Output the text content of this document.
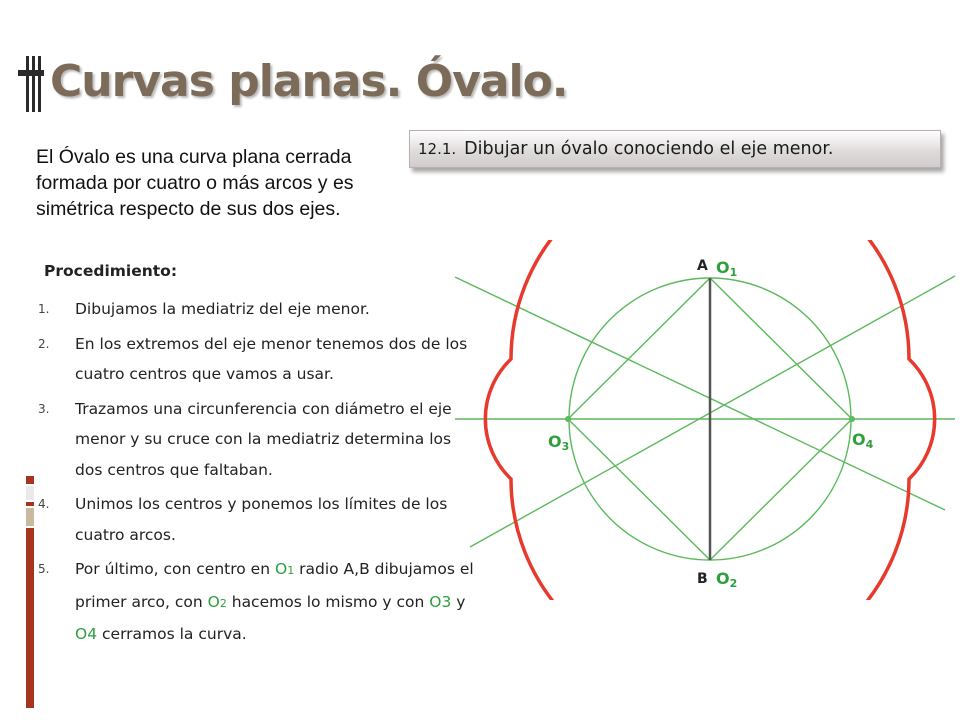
Curvas planas. Óvalo.

El Óvalo es una curva plana cerrada formada por cuatro o más arcos y es simétrica respecto de sus dos ejes.

12.1. Dibujar un óvalo conociendo el eje menor.
Procedimiento:
1. Dibujamos la mediatriz del eje menor.
2. En los extremos del eje menor tenemos dos de los cuatro centros que vamos a usar.
3. Trazamos una circunferencia con diámetro el eje menor y su cruce con la mediatriz determina los dos centros que faltaban.
4. Unimos los centros y ponemos los límites de los cuatro arcos.
5. Por último, con centro en O1 radio A,B dibujamos el primer arco, con O2 hacemos lo mismo y con O3 y O4 cerramos la curva.
A
B
O1
O2
O3	O4
